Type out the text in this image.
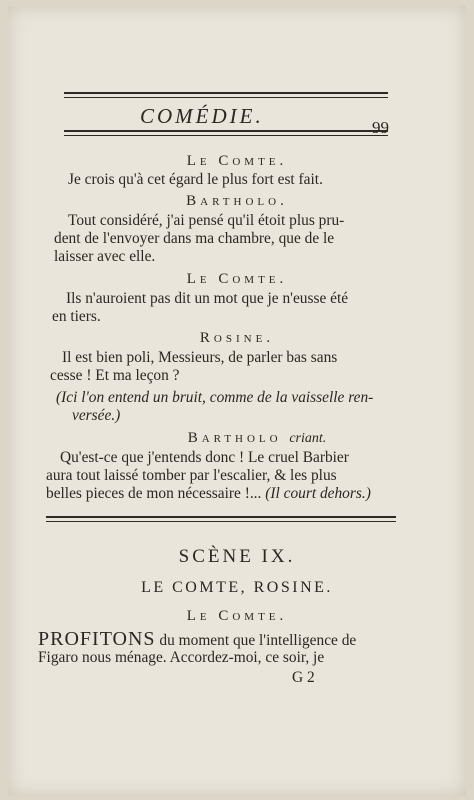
COMÉDIE.	99
Le Comte.
Je crois qu'à cet égard le plus fort est fait.
Bartholo.
Tout considéré, j'ai pensé qu'il étoit plus pru-
dent de l'envoyer dans ma chambre, que de le
laisser avec elle.
Le Comte.
Ils n'auroient pas dit un mot que je n'eusse été
en tiers.
Rosine.
Il est bien poli, Messieurs, de parler bas sans
cesse ! Et ma leçon ?
(Ici l'on entend un bruit, comme de la vaisselle ren-
versée.)
Bartholo criant.
Qu'est-ce que j'entends donc ! Le cruel Barbier
aura tout laissé tomber par l'escalier, & les plus
belles pieces de mon nécessaire !... (Il court dehors.)
SCÈNE IX.
LE COMTE, ROSINE.
Le Comte.
PROFITONS du moment que l'intelligence de
Figaro nous ménage. Accordez-moi, ce soir, je
G 2
